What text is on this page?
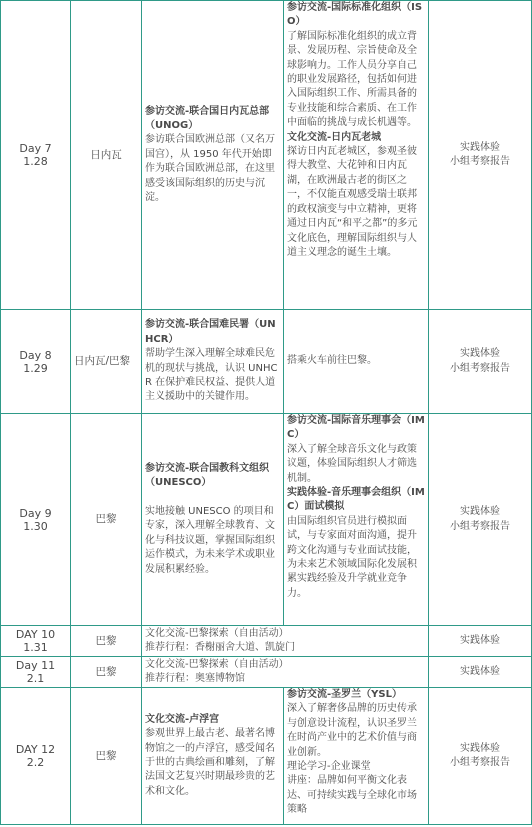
Day 7
1.28	日内瓦	参访交流-联合国日内瓦总部（UNOG）
参访联合国欧洲总部（又名万国宫），从 1950 年代开始即作为联合国欧洲总部，在这里感受该国际组织的历史与沉淀。	参访交流-国际标准化组织（ISO）
了解国际标准化组织的成立背景、发展历程、宗旨使命及全球影响力。工作人员分享自己的职业发展路径，包括如何进入国际组织工作、所需具备的专业技能和综合素质、在工作中面临的挑战与成长机遇等。
文化交流-日内瓦老城
探访日内瓦老城区，参观圣彼得大教堂、大花钟和日内瓦湖，在欧洲最古老的街区之一，不仅能直观感受瑞士联邦的政权演变与中立精神，更将通过日内瓦“和平之都”的多元文化底色，理解国际组织与人道主义理念的诞生土壤。	实践体验
小组考察报告

Day 8
1.29	日内瓦/巴黎	参访交流-联合国难民署（UNHCR）
帮助学生深入理解全球难民危机的现状与挑战，认识 UNHCR 在保护难民权益、提供人道主义援助中的关键作用。	搭乘火车前往巴黎。	实践体验
小组考察报告

Day 9
1.30	巴黎	参访交流-联合国教科文组织（UNESCO）
实地接触 UNESCO 的项目和专家，深入理解全球教育、文化与科技议题，掌握国际组织运作模式，为未来学术或职业发展积累经验。	参访交流-国际音乐理事会（IMC）
深入了解全球音乐文化与政策议题，体验国际组织人才筛选机制。
实践体验-音乐理事会组织（IMC）面试模拟
由国际组织官员进行模拟面试，与专家面对面沟通，提升跨文化沟通与专业面试技能，为未来艺术领域国际化发展积累实践经验及升学就业竞争力。	实践体验
小组考察报告

DAY 10
1.31	巴黎	文化交流-巴黎探索（自由活动）
推荐行程：香榭丽舍大道、凯旋门		实践体验

Day 11
2.1	巴黎	文化交流-巴黎探索（自由活动）
推荐行程：奥塞博物馆		实践体验

DAY 12
2.2	巴黎	文化交流-卢浮宫
参观世界上最古老、最著名博物馆之一的卢浮宫，感受闻名于世的古典绘画和雕刻，了解法国文艺复兴时期最珍贵的艺术和文化。	参访交流-圣罗兰（YSL）
深入了解奢侈品牌的历史传承与创意设计流程，认识圣罗兰在时尚产业中的艺术价值与商业创新。
理论学习-企业课堂
讲座：品牌如何平衡文化表达、可持续实践与全球化市场策略	实践体验
小组考察报告
